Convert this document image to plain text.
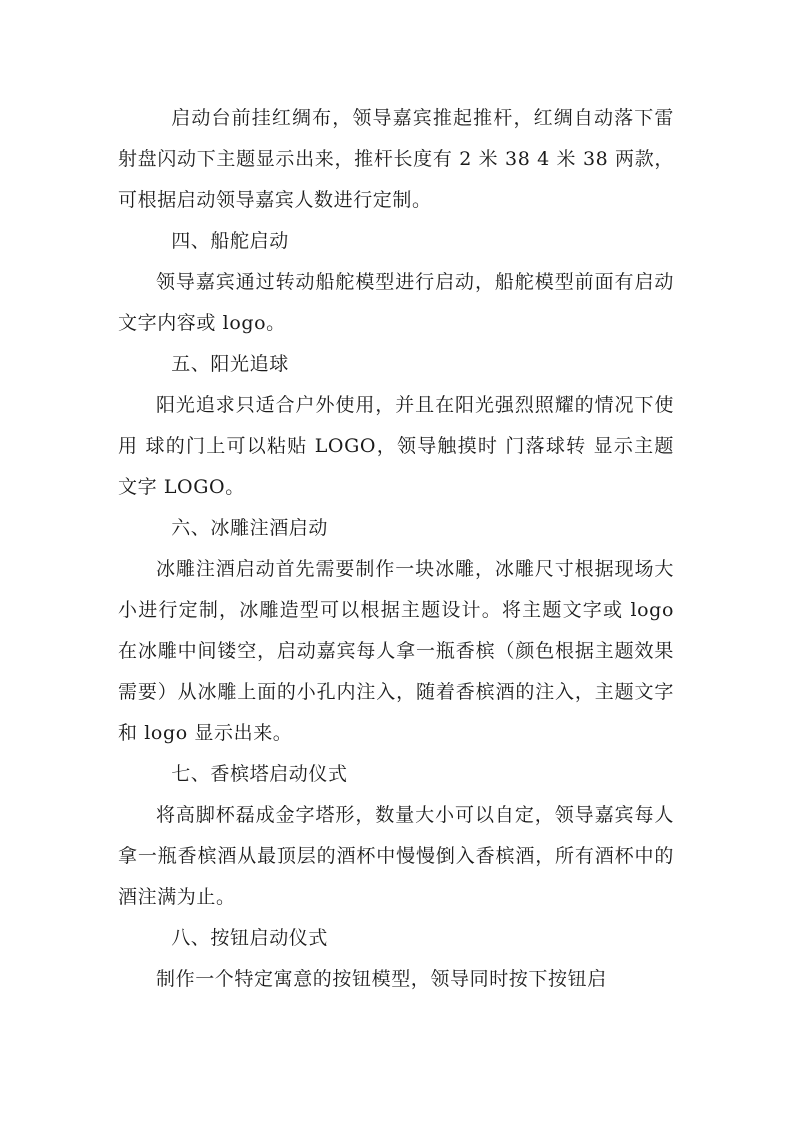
启动台前挂红绸布，领导嘉宾推起推杆，红绸自动落下雷射盘闪动下主题显示出来，推杆长度有 2 米 38 4 米 38 两款，可根据启动领导嘉宾人数进行定制。

四、船舵启动

领导嘉宾通过转动船舵模型进行启动，船舵模型前面有启动文字内容或 logo。

五、阳光追球

阳光追求只适合户外使用，并且在阳光强烈照耀的情况下使用 球的门上可以粘贴 LOGO，领导触摸时 门落球转 显示主题文字 LOGO。

六、冰雕注酒启动

冰雕注酒启动首先需要制作一块冰雕，冰雕尺寸根据现场大小进行定制，冰雕造型可以根据主题设计。将主题文字或 logo 在冰雕中间镂空，启动嘉宾每人拿一瓶香槟（颜色根据主题效果需要）从冰雕上面的小孔内注入，随着香槟酒的注入，主题文字和 logo 显示出来。

七、香槟塔启动仪式

将高脚杯磊成金字塔形，数量大小可以自定，领导嘉宾每人拿一瓶香槟酒从最顶层的酒杯中慢慢倒入香槟酒，所有酒杯中的酒注满为止。

八、按钮启动仪式

制作一个特定寓意的按钮模型，领导同时按下按钮启
